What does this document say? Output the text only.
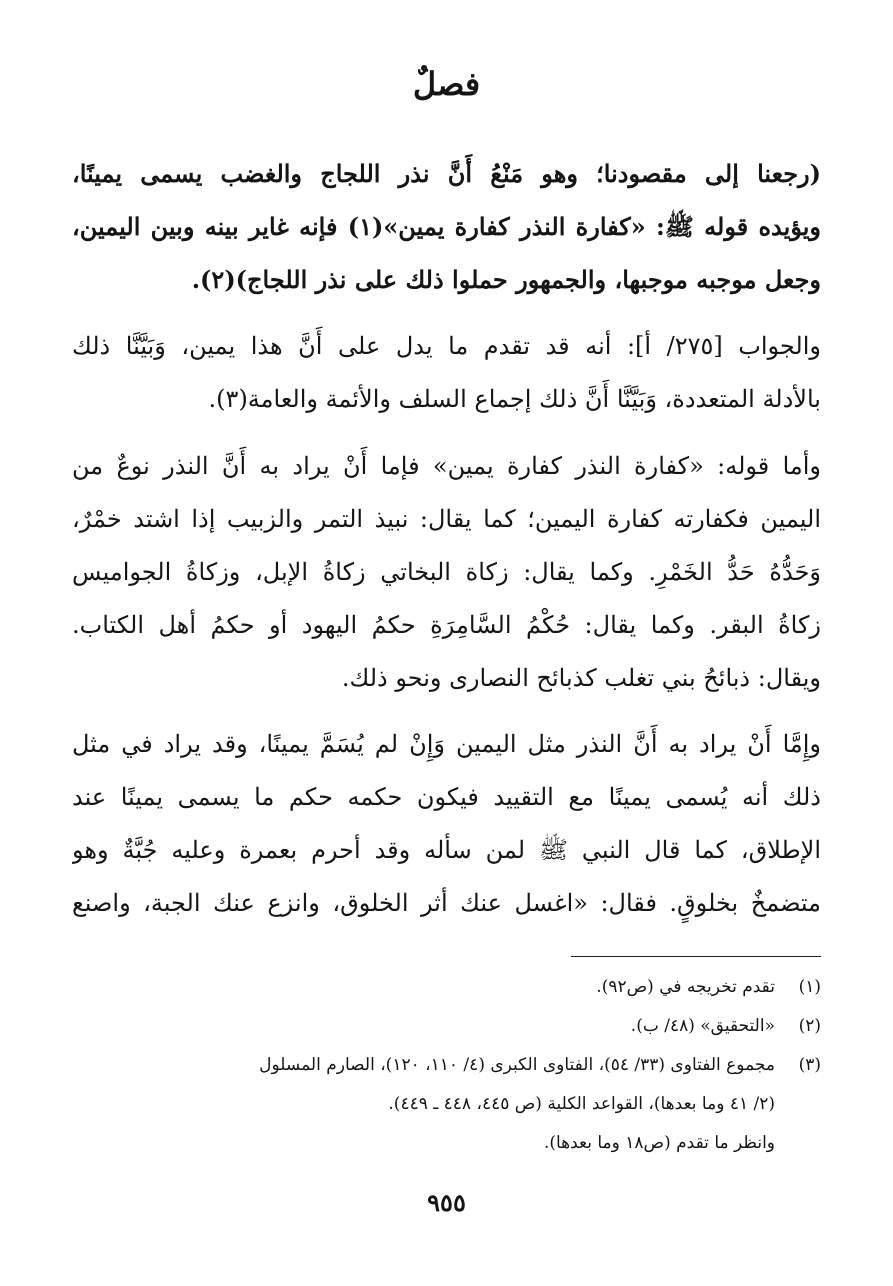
فصلٌ
(رجعنا إلى مقصودنا؛ وهو مَنْعُ أَنَّ نذر اللجاج والغضب يسمى يمينًا،
ويؤيده قوله ﷺ: «كفارة النذر كفارة يمين»(١) فإنه غاير بينه وبين اليمين،
وجعل موجبه موجبها، والجمهور حملوا ذلك على نذر اللجاج)(٢).
والجواب [٢٧٥/ أ]: أنه قد تقدم ما يدل على أَنَّ هذا يمين، وَبَيَّنَّا ذلك
بالأدلة المتعددة، وَبَيَّنَّا أَنَّ ذلك إجماع السلف والأئمة والعامة(٣).
وأما قوله: «كفارة النذر كفارة يمين» فإما أَنْ يراد به أَنَّ النذر نوعٌ من
اليمين فكفارته كفارة اليمين؛ كما يقال: نبيذ التمر والزبيب إذا اشتد خمْرٌ،
وَحَدُّهُ حَدُّ الخَمْرِ. وكما يقال: زكاة البخاتي زكاةُ الإبل، وزكاةُ الجواميس
زكاةُ البقر. وكما يقال: حُكْمُ السَّامِرَةِ حكمُ اليهود أو حكمُ أهل الكتاب.
ويقال: ذبائحُ بني تغلب كذبائح النصارى ونحو ذلك.
وإِمَّا أَنْ يراد به أَنَّ النذر مثل اليمين وَإِنْ لم يُسَمَّ يمينًا، وقد يراد في مثل
ذلك أنه يُسمى يمينًا مع التقييد فيكون حكمه حكم ما يسمى يمينًا عند
الإطلاق، كما قال النبي ﷺ لمن سأله وقد أحرم بعمرة وعليه جُبَّةٌ وهو
متضمخٌ بخلوقٍ. فقال: «اغسل عنك أثر الخلوق، وانزع عنك الجبة، واصنع
(١)تقدم تخريجه في (ص٩٢).
(٢)«التحقيق» (٤٨/ ب).
(٣)مجموع الفتاوى (٣٣/ ٥٤)، الفتاوى الكبرى (٤/ ١١٠، ١٢٠)، الصارم المسلول
(٢/ ٤١ وما بعدها)، القواعد الكلية (ص ٤٤٥، ٤٤٨ ـ ٤٤٩).
وانظر ما تقدم (ص١٨ وما بعدها).
٩٥٥
